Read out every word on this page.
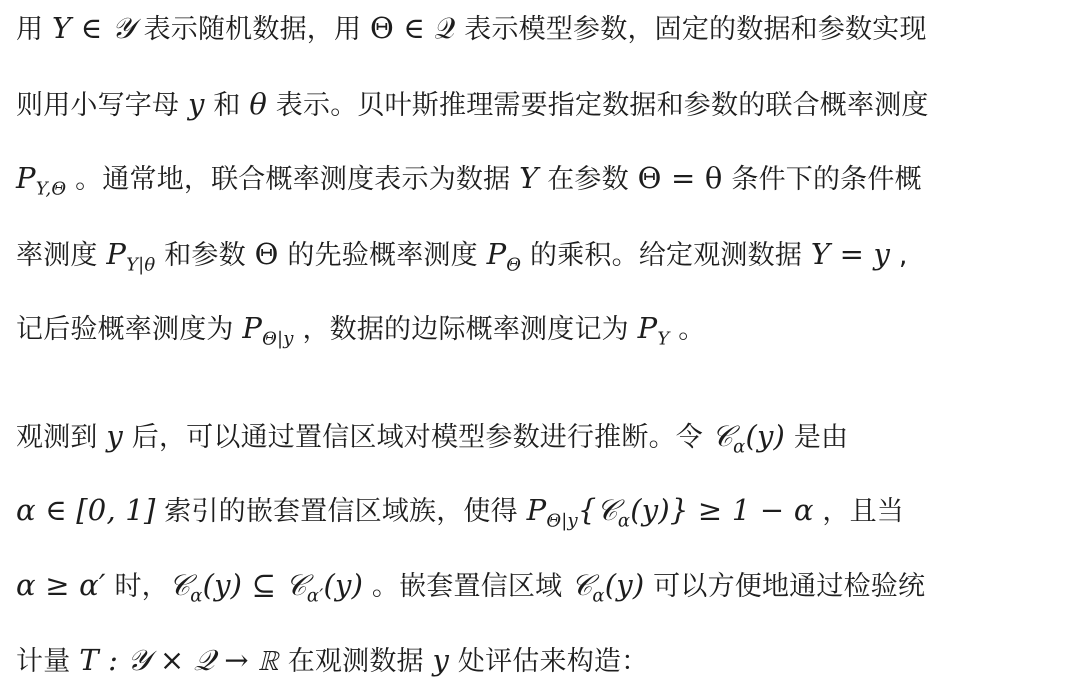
用 Y ∈ 𝒴 表示随机数据，用 Θ ∈ 𝒬 表示模型参数，固定的数据和参数实现
则用小写字母 y 和 θ 表示。贝叶斯推理需要指定数据和参数的联合概率测度
$P_{Y,\Theta}$ 。通常地，联合概率测度表示为数据 Y 在参数 Θ = θ 条件下的条件概
率测度 $P_{Y|\theta}$ 和参数 Θ 的先验概率测度 $P_\Theta$ 的乘积。给定观测数据 Y = y ,
记后验概率测度为 $P_{\Theta|y}$ ，数据的边际概率测度记为 $P_Y$ 。
观测到 y 后，可以通过置信区域对模型参数进行推断。令 𝒞$_\alpha$(y) 是由
α ∈ [0, 1] 索引的嵌套置信区域族，使得 $P_{\Theta|y}\{𝒞_\alpha(y)\} \ge 1 - \alpha$ ，且当
α ≥ α′ 时，𝒞$_\alpha$(y) ⊆ 𝒞$_{\alpha'}$(y) 。嵌套置信区域 𝒞$_\alpha$(y) 可以方便地通过检验统
计量 T : 𝒴 × 𝒬 → ℝ 在观测数据 y 处评估来构造：
